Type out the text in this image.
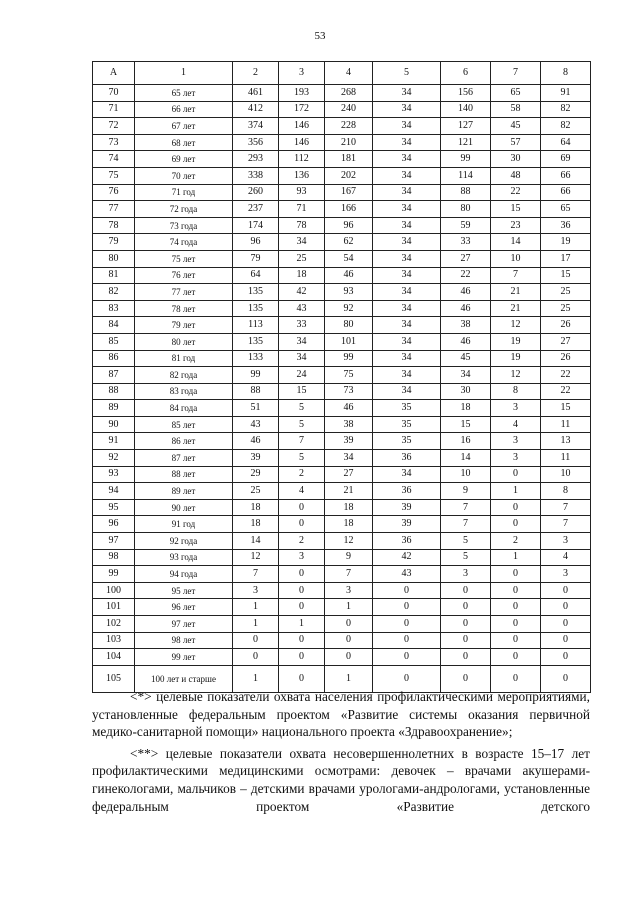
53
А	1	2	3	4	5	6	7	8
70	65 лет	461	193	268	34	156	65	91
71	66 лет	412	172	240	34	140	58	82
72	67 лет	374	146	228	34	127	45	82
73	68 лет	356	146	210	34	121	57	64
74	69 лет	293	112	181	34	99	30	69
75	70 лет	338	136	202	34	114	48	66
76	71 год	260	93	167	34	88	22	66
77	72 года	237	71	166	34	80	15	65
78	73 года	174	78	96	34	59	23	36
79	74 года	96	34	62	34	33	14	19
80	75 лет	79	25	54	34	27	10	17
81	76 лет	64	18	46	34	22	7	15
82	77 лет	135	42	93	34	46	21	25
83	78 лет	135	43	92	34	46	21	25
84	79 лет	113	33	80	34	38	12	26
85	80 лет	135	34	101	34	46	19	27
86	81 год	133	34	99	34	45	19	26
87	82 года	99	24	75	34	34	12	22
88	83 года	88	15	73	34	30	8	22
89	84 года	51	5	46	35	18	3	15
90	85 лет	43	5	38	35	15	4	11
91	86 лет	46	7	39	35	16	3	13
92	87 лет	39	5	34	36	14	3	11
93	88 лет	29	2	27	34	10	0	10
94	89 лет	25	4	21	36	9	1	8
95	90 лет	18	0	18	39	7	0	7
96	91 год	18	0	18	39	7	0	7
97	92 года	14	2	12	36	5	2	3
98	93 года	12	3	9	42	5	1	4
99	94 года	7	0	7	43	3	0	3
100	95 лет	3	0	3	0	0	0	0
101	96 лет	1	0	1	0	0	0	0
102	97 лет	1	1	0	0	0	0	0
103	98 лет	0	0	0	0	0	0	0
104	99 лет	0	0	0	0	0	0	0
105	100 лет и старше	1	0	1	0	0	0	0

<*> целевые показатели охвата населения профилактическими мероприятиями, установленные федеральным проектом «Развитие системы оказания первичной медико-санитарной помощи» национального проекта «Здравоохранение»;

<**> целевые показатели охвата несовершеннолетних в возрасте 15–17 лет профилактическими медицинскими осмотрами: девочек – врачами акушерами-гинекологами, мальчиков – детскими врачами урологами-андрологами, установленные федеральным проектом «Развитие детского
